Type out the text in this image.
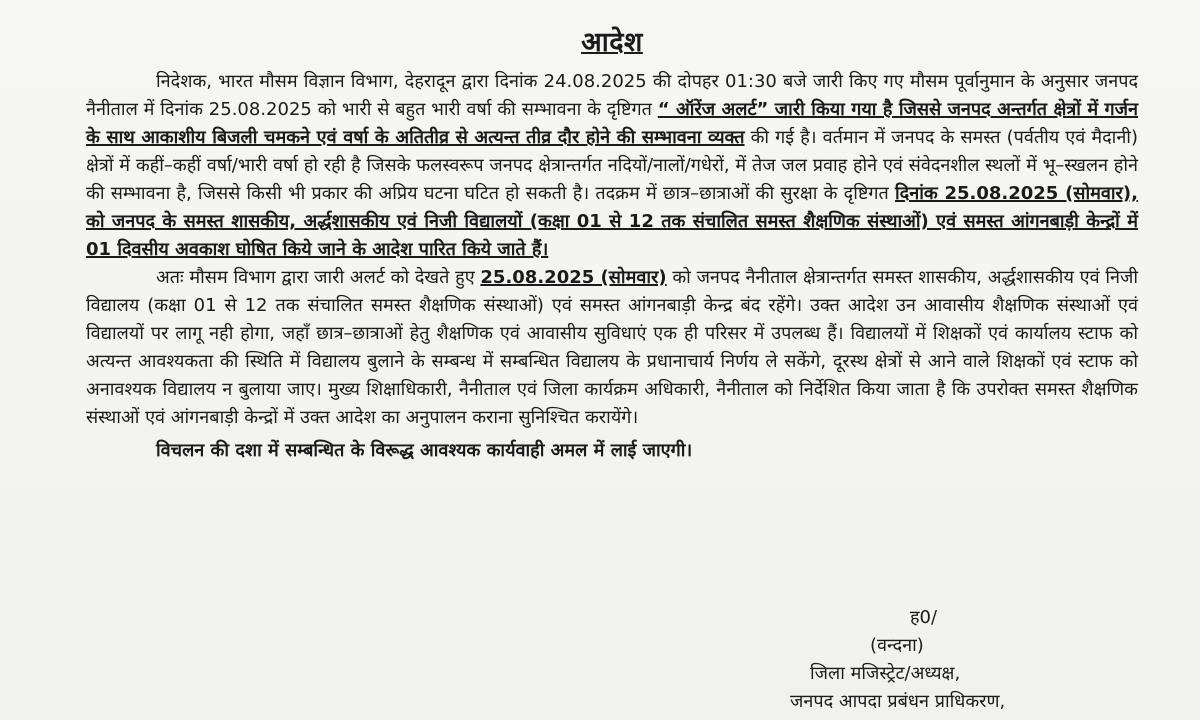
आदेश

निदेशक, भारत मौसम विज्ञान विभाग, देहरादून द्वारा दिनांक 24.08.2025 की दोपहर 01:30 बजे जारी किए गए मौसम पूर्वानुमान के अनुसार जनपद नैनीताल में दिनांक 25.08.2025 को भारी से बहुत भारी वर्षा की सम्भावना के दृष्टिगत “ ऑरेंज अलर्ट” जारी किया गया है जिससे जनपद अन्तर्गत क्षेत्रों में गर्जन के साथ आकाशीय बिजली चमकने एवं वर्षा के अतितीव्र से अत्यन्त तीव्र दौर होने की सम्भावना व्यक्त की गई है। वर्तमान में जनपद के समस्त (पर्वतीय एवं मैदानी) क्षेत्रों में कहीं–कहीं वर्षा/भारी वर्षा हो रही है जिसके फलस्वरूप जनपद क्षेत्रान्तर्गत नदियों/नालों/गधेरों, में तेज जल प्रवाह होने एवं संवेदनशील स्थलों में भू–स्खलन होने की सम्भावना है, जिससे किसी भी प्रकार की अप्रिय घटना घटित हो सकती है। तदक्रम में छात्र–छात्राओं की सुरक्षा के दृष्टिगत दिनांक 25.08.2025 (सोमवार), को जनपद के समस्त शासकीय, अर्द्धशासकीय एवं निजी विद्यालयों (कक्षा 01 से 12 तक संचालित समस्त शैक्षणिक संस्थाओं) एवं समस्त आंगनबाड़ी केन्द्रों में 01 दिवसीय अवकाश घोषित किये जाने के आदेश पारित किये जाते हैं।

अतः मौसम विभाग द्वारा जारी अलर्ट को देखते हुए 25.08.2025 (सोमवार) को जनपद नैनीताल क्षेत्रान्तर्गत समस्त शासकीय, अर्द्धशासकीय एवं निजी विद्यालय (कक्षा 01 से 12 तक संचालित समस्त शैक्षणिक संस्थाओं) एवं समस्त आंगनबाड़ी केन्द्र बंद रहेंगे। उक्त आदेश उन आवासीय शैक्षणिक संस्थाओं एवं विद्यालयों पर लागू नही होगा, जहाँ छात्र–छात्राओं हेतु शैक्षणिक एवं आवासीय सुविधाएं एक ही परिसर में उपलब्ध हैं। विद्यालयों में शिक्षकों एवं कार्यालय स्टाफ को अत्यन्त आवश्यकता की स्थिति में विद्यालय बुलाने के सम्बन्ध में सम्बन्धित विद्यालय के प्रधानाचार्य निर्णय ले सकेंगे, दूरस्थ क्षेत्रों से आने वाले शिक्षकों एवं स्टाफ को अनावश्यक विद्यालय न बुलाया जाए। मुख्य शिक्षाधिकारी, नैनीताल एवं जिला कार्यक्रम अधिकारी, नैनीताल को निर्देशित किया जाता है कि उपरोक्त समस्त शैक्षणिक संस्थाओं एवं आंगनबाड़ी केन्द्रों में उक्त आदेश का अनुपालन कराना सुनिश्चित करायेंगे।

विचलन की दशा में सम्बन्धित के विरूद्ध आवश्यक कार्यवाही अमल में लाई जाएगी।

ह0/
(वन्दना)
जिला मजिस्ट्रेट/अध्यक्ष,
जनपद आपदा प्रबंधन प्राधिकरण,
